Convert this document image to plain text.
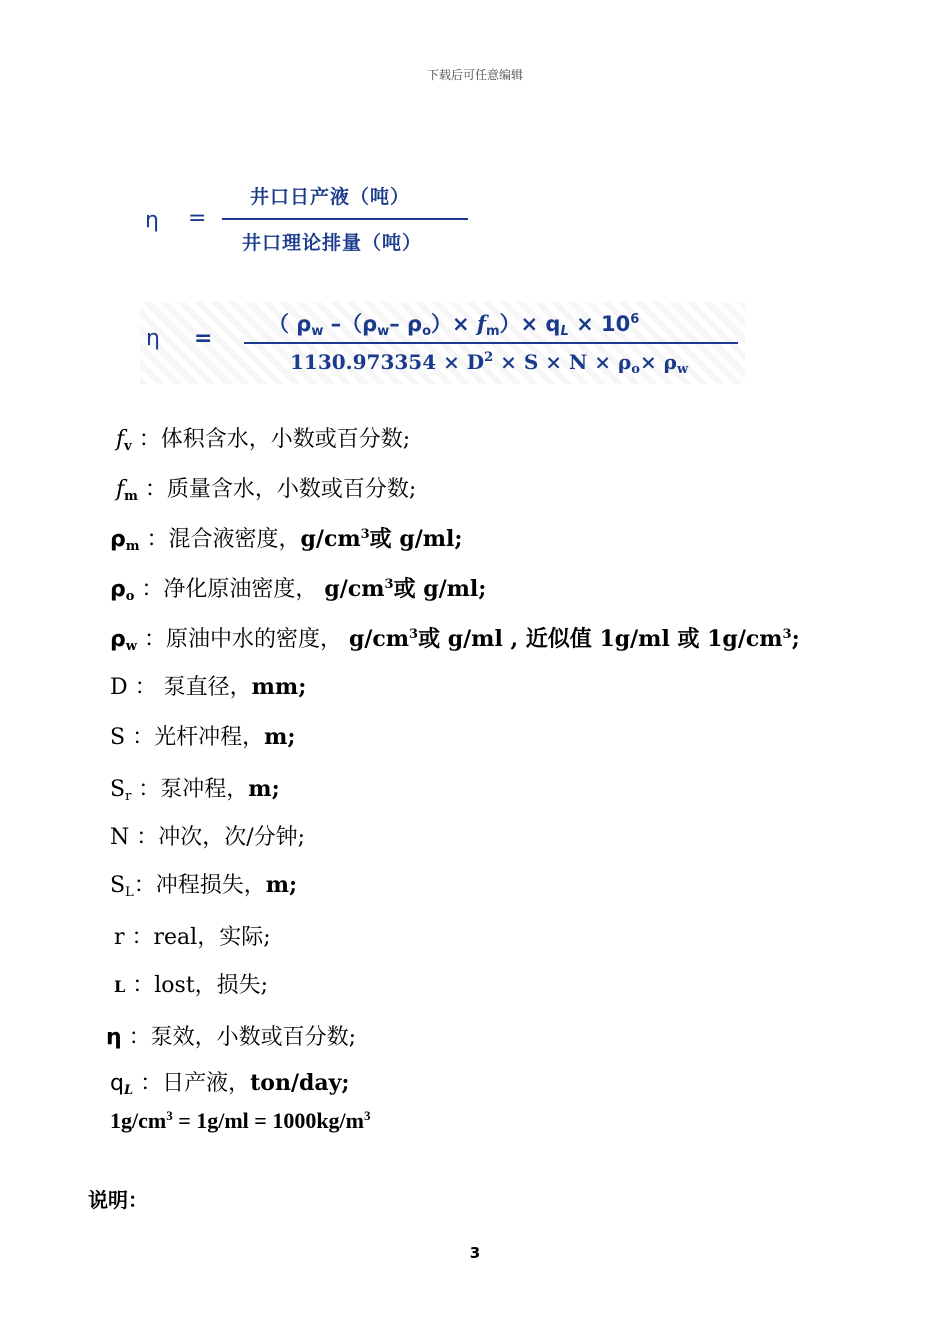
下载后可任意编辑
η =
井口日产液（吨）
井口理论排量（吨）
η =
（ $\rho_w$ $-(\rho_w-$ $\rho_o)\times f_m)\times q_L \times 10^6$
$1130.973354 \times D^2 \times S \times N \times \rho_o\times \rho_w$
$f_v$ ：体积含水，小数或百分数;
$f_m$ ：质量含水，小数或百分数;
$\rho_m$ ：混合液密度，$g/cm^3$或 g/ml;
$\rho_o$ ：净化原油密度， $g/cm^3$或 g/ml;
$\rho_w$ ：原油中水的密度， $g/cm^3$或 g/ml , 近似值 1g/ml 或 $1g/cm^3$;
D ： 泵直径，mm;
S ：光杆冲程，m;
$S_r$ ：泵冲程，m;
N ：冲次，次/分钟;
$S_L$：冲程损失，m;
r ：real，实际;
L ：lost，损失;
η ：泵效，小数或百分数;
$q_L$ ：日产液，ton/day;
$1g/cm^3 = 1g/ml = 1000kg/m^3$
说明：
3
